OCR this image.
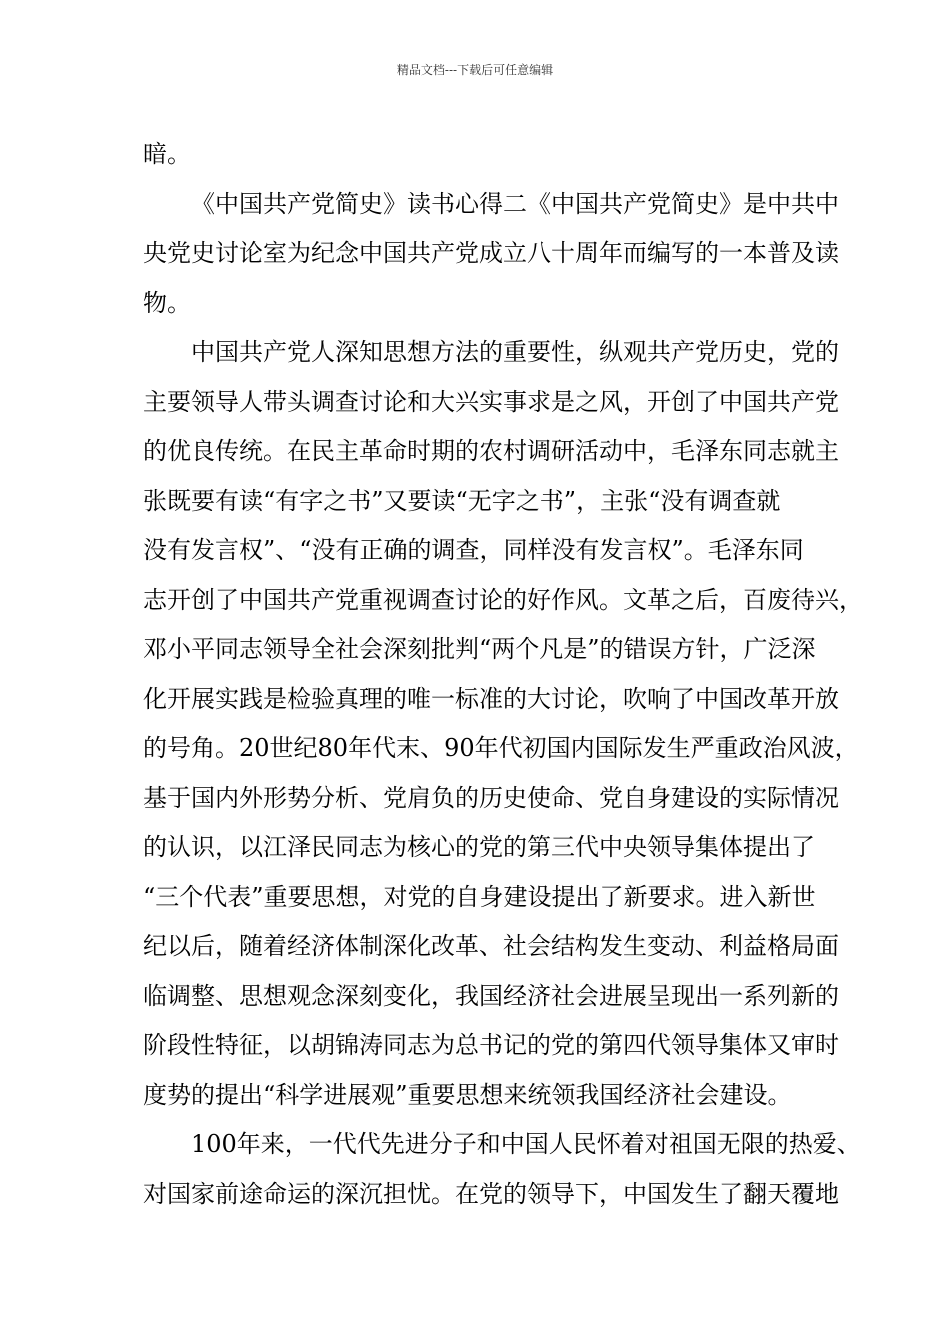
精品文档---下载后可任意编辑
暗。
《中国共产党简史》读书心得二《中国共产党简史》是中共中
央党史讨论室为纪念中国共产党成立八十周年而编写的一本普及读
物。
中国共产党人深知思想方法的重要性，纵观共产党历史，党的
主要领导人带头调查讨论和大兴实事求是之风，开创了中国共产党
的优良传统。在民主革命时期的农村调研活动中，毛泽东同志就主
张既要有读“有字之书”又要读“无字之书”，主张“没有调查就
没有发言权”、“没有正确的调查，同样没有发言权”。毛泽东同
志开创了中国共产党重视调查讨论的好作风。文革之后，百废待兴，
邓小平同志领导全社会深刻批判“两个凡是”的错误方针，广泛深
化开展实践是检验真理的唯一标准的大讨论，吹响了中国改革开放
的号角。20世纪80年代末、90年代初国内国际发生严重政治风波，
基于国内外形势分析、党肩负的历史使命、党自身建设的实际情况
的认识，以江泽民同志为核心的党的第三代中央领导集体提出了
“三个代表”重要思想，对党的自身建设提出了新要求。进入新世
纪以后，随着经济体制深化改革、社会结构发生变动、利益格局面
临调整、思想观念深刻变化，我国经济社会进展呈现出一系列新的
阶段性特征，以胡锦涛同志为总书记的党的第四代领导集体又审时
度势的提出“科学进展观”重要思想来统领我国经济社会建设。
100年来，一代代先进分子和中国人民怀着对祖国无限的热爱、
对国家前途命运的深沉担忧。在党的领导下，中国发生了翻天覆地
